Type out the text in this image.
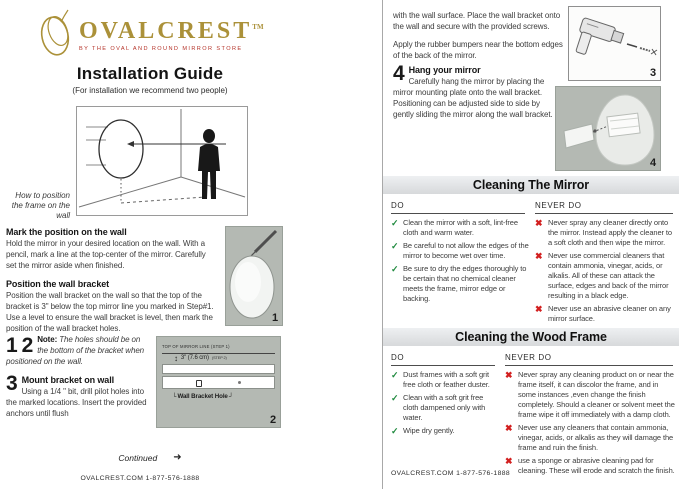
OVALCREST™
BY THE OVAL AND ROUND MIRROR STORE
Installation Guide
(For installation we recommend two people)
How to position the frame on the wall
1
TOP OF MIRROR LINE (STEP 1)
↕ 3" (7.6 cm) (STEP 2)
└ Wall Bracket Hole ┘
2
1
Mark the position on the wall
Hold the mirror in your desired location on the wall. With a pencil, mark a line at the top-center of the mirror. Carefully set the mirror aside when finished.
2
Position the wall bracket
Position the wall bracket on the wall so that the top of the bracket is 3" below the top mirror line you marked in Step#1. Use a level to ensure the wall bracket is level, then mark the position of the wall bracket holes.
Note: The holes should be on the bottom of the bracket when positioned on the wall.
3 Mount bracket on wall
Using a 1/4 " bit, drill pilot holes into the marked locations. Insert the provided anchors until flush
Continued ➜
OVALCREST.COM 1-877-576-1888

with the wall surface. Place the wall bracket onto the wall and secure with the provided screws.

Apply the rubber bumpers near the bottom edges of the back of the mirror.

3
4 Hang your mirror
Carefully hang the mirror by placing the mirror mounting plate onto the wall bracket. Positioning can be adjusted side to side by gently sliding the mirror along the wall bracket.
4
Cleaning The Mirror
DO	NEVER DO
✓ Clean the mirror with a soft, lint-free cloth and warm water.
✓ Be careful to not allow the edges of the mirror to become wet over time.
✓ Be sure to dry the edges thoroughly to be certain that no chemical cleaner meets the frame, mirror edge or backing.
✖ Never spray any cleaner directly onto the mirror. Instead apply the cleaner to a soft cloth and then wipe the mirror.
✖ Never use commercial cleaners that contain ammonia, vinegar, acids, or alkalis. All of these can attack the surface, edges and back of the mirror resulting in a black edge.
✖ Never use an abrasive cleaner on any mirror surface.
Cleaning the Wood Frame
DO	NEVER DO
✓ Dust frames with a soft grit free cloth or feather duster.
✓ Clean with a soft grit free cloth dampened only with water.
✓ Wipe dry gently.
✖ Never spray any cleaning product on or near the frame itself, it can discolor the frame, and in some instances ,even change the finish completely. Should a cleaner or solvent meet the frame wipe it off immediately with a damp cloth.
✖ Never use any cleaners that contain ammonia, vinegar, acids, or alkalis as they will damage the frame and ruin the finish.
✖ use a sponge or abrasive cleaning pad for cleaning. These will erode and scratch the finish.
OVALCREST.COM 1-877-576-1888
